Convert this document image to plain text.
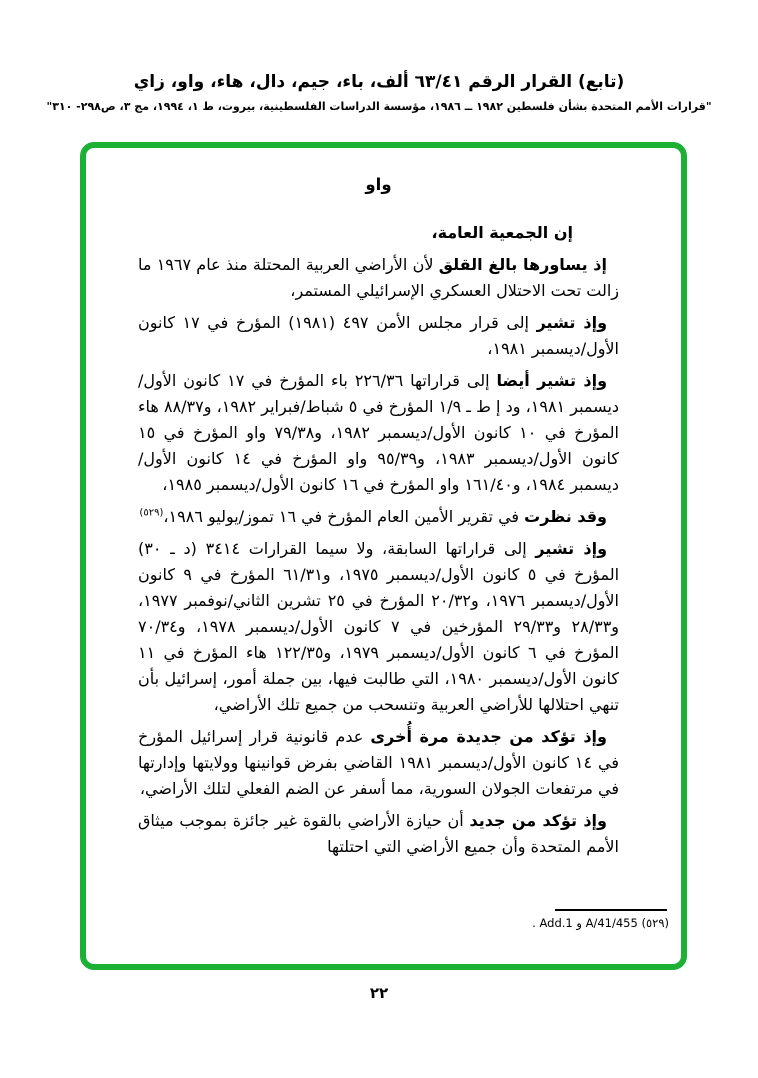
(تابع) القرار الرقم ٦٣/٤١ ألف، باء، جيم، دال، هاء، واو، زاي

"قرارات الأمم المتحدة بشأن فلسطين ١٩٨٢ ــ ١٩٨٦، مؤسسة الدراسات الفلسطينية، بيروت، ط ١، ١٩٩٤، مج ٣، ص٢٩٨- ٣١٠"

واو

إن الجمعية العامة،

إذ يساورها بالغ القلق لأن الأراضي العربية المحتلة منذ عام ١٩٦٧ ما زالت تحت الاحتلال العسكري الإسرائيلي المستمر،

وإذ تشير إلى قرار مجلس الأمن ٤٩٧ (١٩٨١) المؤرخ في ١٧ كانون الأول/ديسمبر ١٩٨١،

وإذ تشير أيضا إلى قراراتها ٢٢٦/٣٦ باء المؤرخ في ١٧ كانون الأول/ديسمبر ١٩٨١، ود إ ط ـ ١/٩ المؤرخ في ٥ شباط/فبراير ١٩٨٢، و٨٨/٣٧ هاء المؤرخ في ١٠ كانون الأول/ديسمبر ١٩٨٢، و٧٩/٣٨ واو المؤرخ في ١٥ كانون الأول/ديسمبر ١٩٨٣، و٩٥/٣٩ واو المؤرخ في ١٤ كانون الأول/ديسمبر ١٩٨٤، و١٦١/٤٠ واو المؤرخ في ١٦ كانون الأول/ديسمبر ١٩٨٥،

وقد نظرت في تقرير الأمين العام المؤرخ في ١٦ تموز/يوليو ١٩٨٦،$^{(٥٢٩)}$

وإذ تشير إلى قراراتها السابقة، ولا سيما القرارات ٣٤١٤ (د ـ ٣٠) المؤرخ في ٥ كانون الأول/ديسمبر ١٩٧٥، و٦١/٣١ المؤرخ في ٩ كانون الأول/ديسمبر ١٩٧٦، و٢٠/٣٢ المؤرخ في ٢٥ تشرين الثاني/نوفمبر ١٩٧٧، و٢٨/٣٣ و٢٩/٣٣ المؤرخين في ٧ كانون الأول/ديسمبر ١٩٧٨، و٧٠/٣٤ المؤرخ في ٦ كانون الأول/ديسمبر ١٩٧٩، و١٢٢/٣٥ هاء المؤرخ في ١١ كانون الأول/ديسمبر ١٩٨٠، التي طالبت فيها، بين جملة أمور، إسرائيل بأن تنهي احتلالها للأراضي العربية وتنسحب من جميع تلك الأراضي،

وإذ تؤكد من جديدة مرة أُخرى عدم قانونية قرار إسرائيل المؤرخ في ١٤ كانون الأول/ديسمبر ١٩٨١ القاضي بفرض قوانينها وولايتها وإدارتها في مرتفعات الجولان السورية، مما أسفر عن الضم الفعلي لتلك الأراضي،

وإذ تؤكد من جديد أن حيازة الأراضي بالقوة غير جائزة بموجب ميثاق الأمم المتحدة وأن جميع الأراضي التي احتلتها

(٥٢٩) A/41/455 و Add.1 .

٢٢
